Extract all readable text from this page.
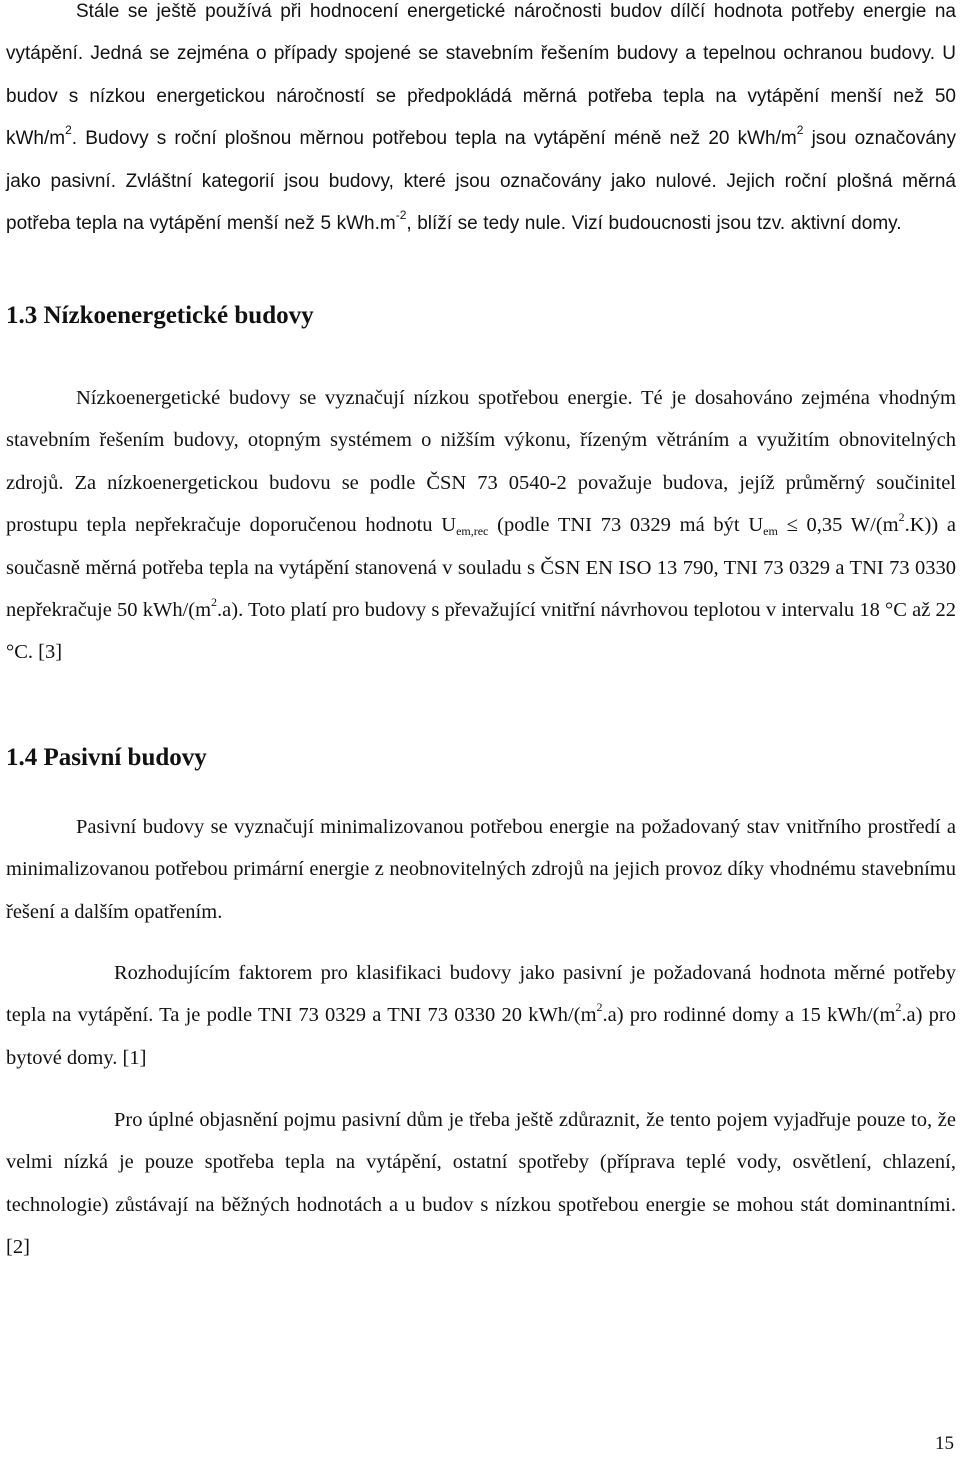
Stále se ještě používá při hodnocení energetické náročnosti budov dílčí hodnota potřeby energie na vytápění. Jedná se zejména o případy spojené se stavebním řešením budovy a tepelnou ochranou budovy. U budov s nízkou energetickou náročností se předpokládá měrná potřeba tepla na vytápění menší než 50 kWh/$m^2$. Budovy s roční plošnou měrnou potřebou tepla na vytápění méně než 20 kWh/$m^2$ jsou označovány jako pasivní. Zvláštní kategorií jsou budovy, které jsou označovány jako nulové. Jejich roční plošná měrná potřeba tepla na vytápění menší než 5 $kWh.m^{-2}$, blíží se tedy nule. Vizí budoucnosti jsou tzv. aktivní domy.
1.3 Nízkoenergetické budovy
Nízkoenergetické budovy se vyznačují nízkou spotřebou energie. Té je dosahováno zejména vhodným stavebním řešením budovy, otopným systémem o nižším výkonu, řízeným větráním a využitím obnovitelných zdrojů. Za nízkoenergetickou budovu se podle ČSN 73 0540-2 považuje budova, jejíž průměrný součinitel prostupu tepla nepřekračuje doporučenou hodnotu $U_{em,rec}$ (podle TNI 73 0329 má být $U_{em} \le 0,35$ $W/(m^2.K)$) a současně měrná potřeba tepla na vytápění stanovená v souladu s ČSN EN ISO 13 790, TNI 73 0329 a TNI 73 0330 nepřekračuje 50 kWh/$(m^2.a)$. Toto platí pro budovy s převažující vnitřní návrhovou teplotou v intervalu 18 °C až 22 °C. [3]
1.4 Pasivní budovy
Pasivní budovy se vyznačují minimalizovanou potřebou energie na požadovaný stav vnitřního prostředí a minimalizovanou potřebou primární energie z neobnovitelných zdrojů na jejich provoz díky vhodnému stavebnímu řešení a dalším opatřením.
Rozhodujícím faktorem pro klasifikaci budovy jako pasivní je požadovaná hodnota měrné potřeby tepla na vytápění. Ta je podle TNI 73 0329 a TNI 73 0330 20 kWh/$(m^2.a)$ pro rodinné domy a 15 kWh/$(m^2.a)$ pro bytové domy. [1]
Pro úplné objasnění pojmu pasivní dům je třeba ještě zdůraznit, že tento pojem vyjadřuje pouze to, že velmi nízká je pouze spotřeba tepla na vytápění, ostatní spotřeby (příprava teplé vody, osvětlení, chlazení, technologie) zůstávají na běžných hodnotách a u budov s nízkou spotřebou energie se mohou stát dominantními. [2]
15
